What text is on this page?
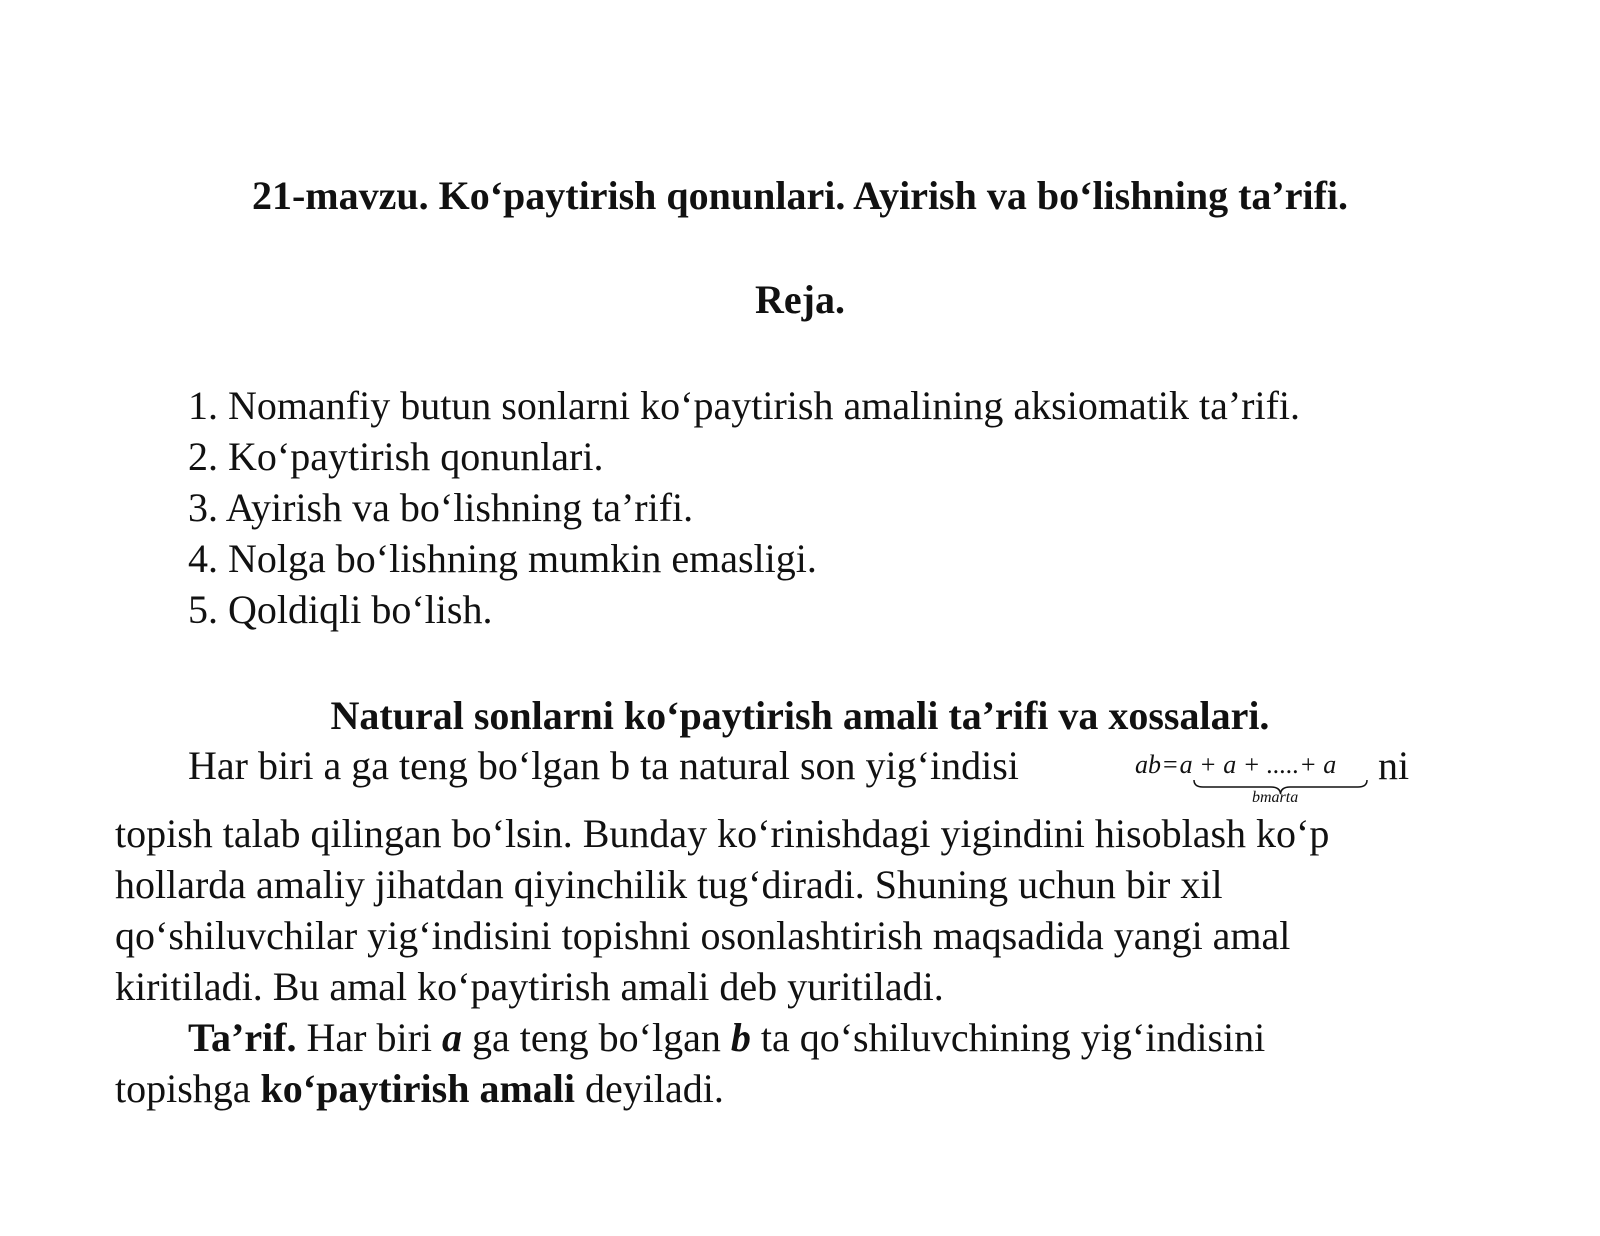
21-mavzu. Ko‘paytirish qonunlari. Ayirish va bo‘lishning ta’rifi.
Reja.
1. Nomanfiy butun sonlarni ko‘paytirish amalining aksiomatik ta’rifi.
2. Ko‘paytirish qonunlari.
3. Ayirish va bo‘lishning ta’rifi.
4. Nolga bo‘lishning mumkin emasligi.
5. Qoldiqli bo‘lish.
Natural sonlarni ko‘paytirish amali ta’rifi va xossalari.
Har biri a ga teng bo‘lgan b ta natural son yig‘indisi	ab=a + a + .....+ a
bmarta
ni
topish talab qilingan bo‘lsin. Bunday ko‘rinishdagi yigindini hisoblash ko‘p
hollarda amaliy jihatdan qiyinchilik tug‘diradi. Shuning uchun bir xil
qo‘shiluvchilar yig‘indisini topishni osonlashtirish maqsadida yangi amal
kiritiladi. Bu amal ko‘paytirish amali deb yuritiladi.
Ta’rif. Har biri a ga teng bo‘lgan b ta qo‘shiluvchining yig‘indisini
topishga ko‘paytirish amali deyiladi.
